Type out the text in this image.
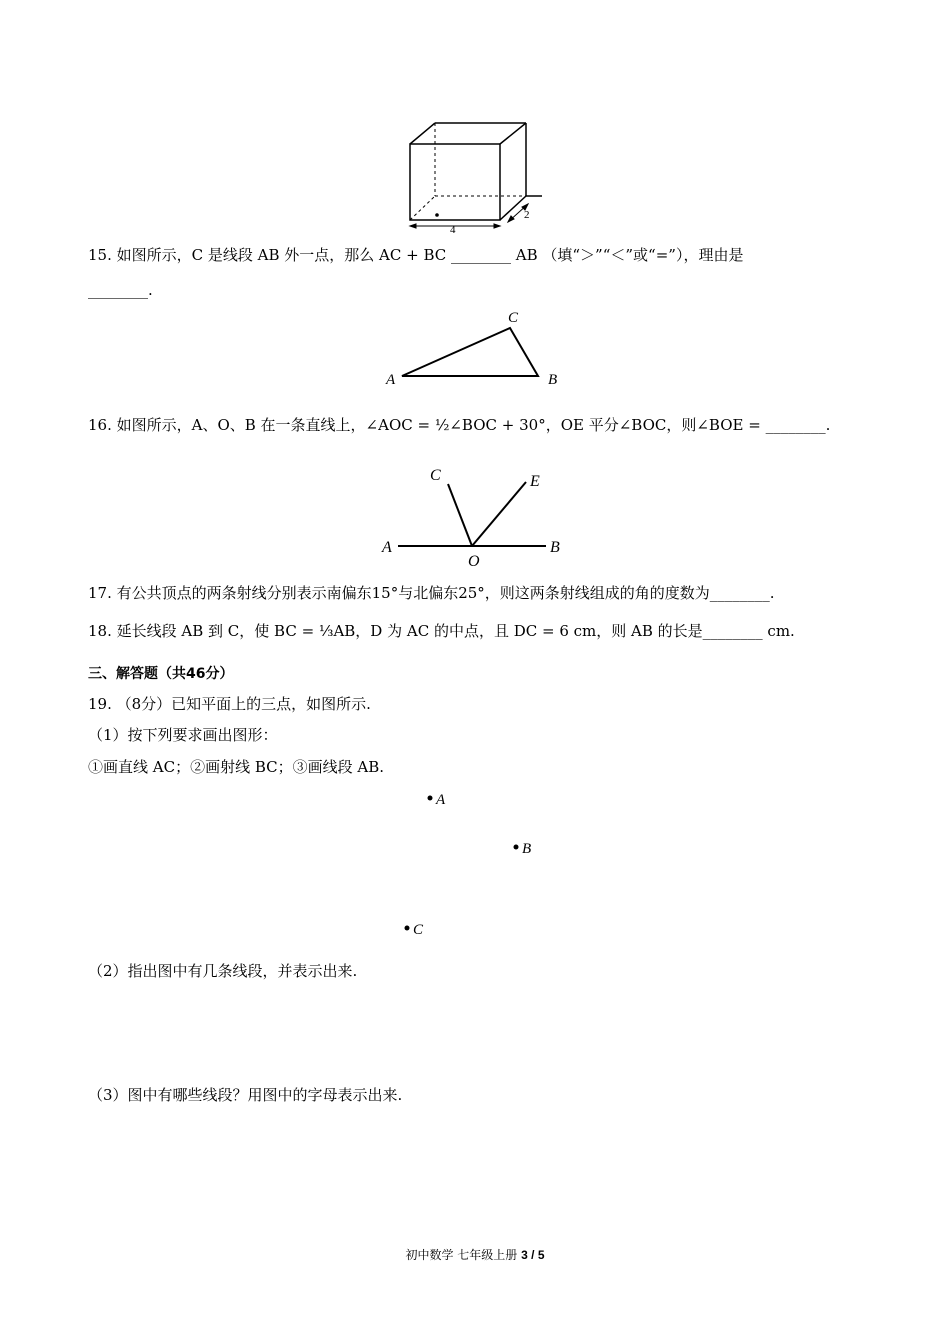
4
2
15. 如图所示，C 是线段 AB 外一点，那么 AC + BC ________ AB （填“＞”“＜”或“=”），理由是
________.
A	B
C
16. 如图所示，A、O、B 在一条直线上，∠AOC = ½∠BOC + 30°，OE 平分∠BOC，则∠BOE = ________.
A	B
C	E
O
17. 有公共顶点的两条射线分别表示南偏东15°与北偏东25°，则这两条射线组成的角的度数为________.
18. 延长线段 AB 到 C，使 BC = ⅓AB，D 为 AC 的中点，且 DC = 6 cm，则 AB 的长是________ cm.
三、解答题（共46分）
19. （8分）已知平面上的三点，如图所示.
（1）按下列要求画出图形：
①画直线 AC；②画射线 BC；③画线段 AB.
A
B
C
（2）指出图中有几条线段，并表示出来.
（3）图中有哪些线段？用图中的字母表示出来.
初中数学 七年级上册 3 / 5
